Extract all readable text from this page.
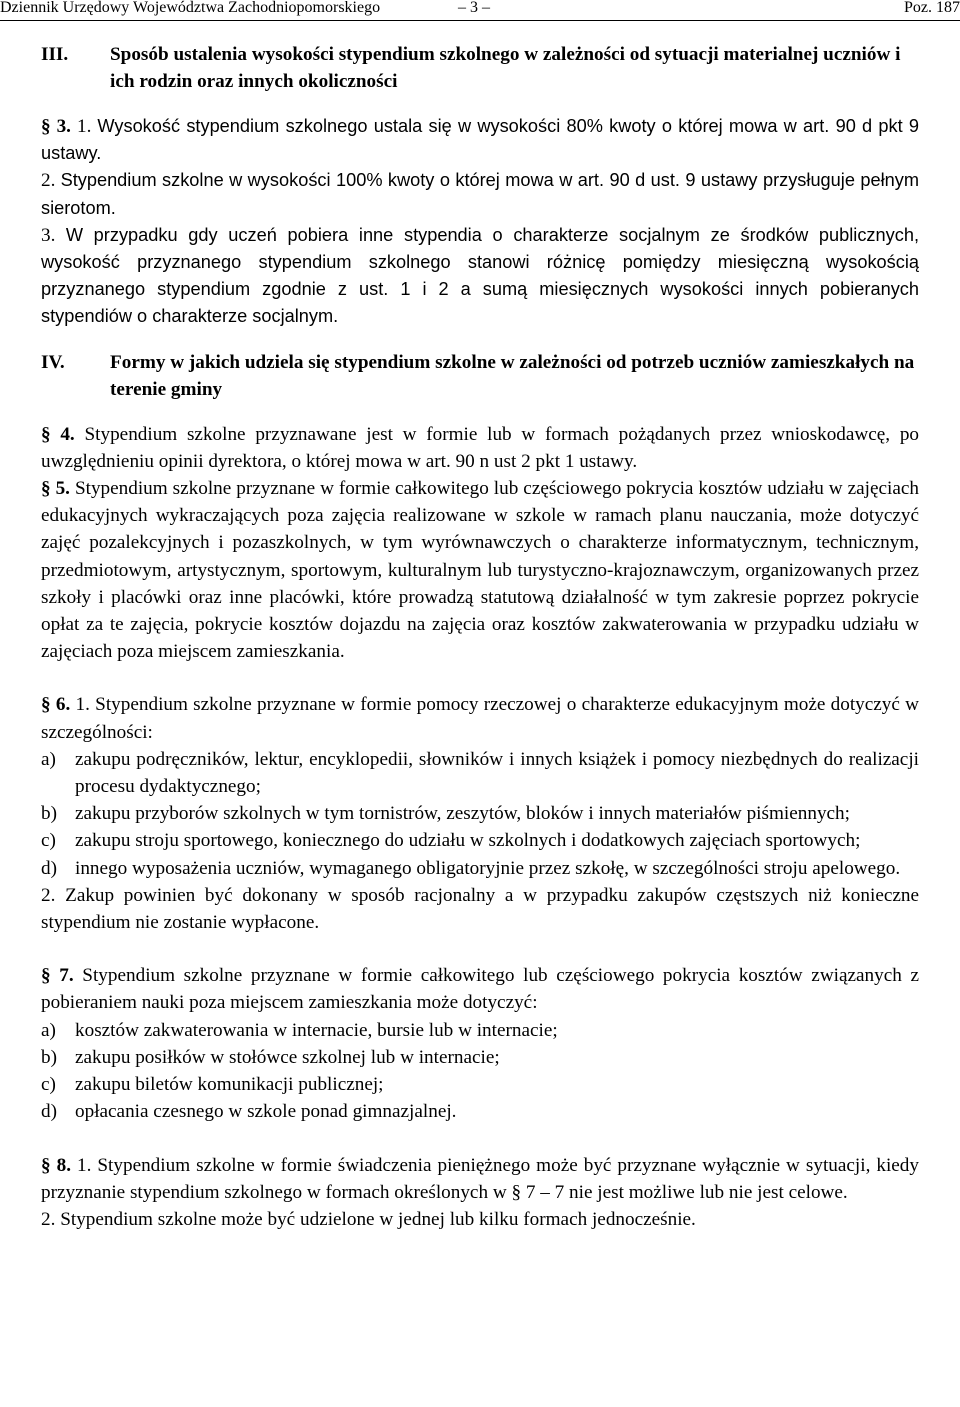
Dziennik Urzędowy Województwa Zachodniopomorskiego	– 3 –	Poz. 187
III.	Sposób ustalenia wysokości stypendium szkolnego w zależności od sytuacji materialnej uczniów i ich rodzin oraz innych okoliczności

§ 3. 1. Wysokość stypendium szkolnego ustala się w wysokości 80% kwoty o której mowa w art. 90 d pkt 9 ustawy.

2. Stypendium szkolne w wysokości 100% kwoty o której mowa w art. 90 d ust. 9 ustawy przysługuje pełnym sierotom.

3. W przypadku gdy uczeń pobiera inne stypendia o charakterze socjalnym ze środków publicznych, wysokość przyznanego stypendium szkolnego stanowi różnicę pomiędzy miesięczną wysokością przyznanego stypendium zgodnie z ust. 1 i 2 a sumą miesięcznych wysokości innych pobieranych stypendiów o charakterze socjalnym.

IV.	Formy w jakich udziela się stypendium szkolne w zależności od potrzeb uczniów zamieszkałych na terenie gminy

§ 4. Stypendium szkolne przyznawane jest w formie lub w formach pożądanych przez wnioskodawcę, po uwzględnieniu opinii dyrektora, o której mowa w art. 90 n ust 2 pkt 1 ustawy.

§ 5. Stypendium szkolne przyznane w formie całkowitego lub częściowego pokrycia kosztów udziału w zajęciach edukacyjnych wykraczających poza zajęcia realizowane w szkole w ramach planu nauczania, może dotyczyć zajęć pozalekcyjnych i pozaszkolnych, w tym wyrównawczych o charakterze informatycznym, technicznym, przedmiotowym, artystycznym, sportowym, kulturalnym lub turystyczno-krajoznawczym, organizowanych przez szkoły i placówki oraz inne placówki, które prowadzą statutową działalność w tym zakresie poprzez pokrycie opłat za te zajęcia, pokrycie kosztów dojazdu na zajęcia oraz kosztów zakwaterowania w przypadku udziału w zajęciach poza miejscem zamieszkania.

§ 6. 1. Stypendium szkolne przyznane w formie pomocy rzeczowej o charakterze edukacyjnym może dotyczyć w szczególności:

a) zakupu podręczników, lektur, encyklopedii, słowników i innych książek i pomocy niezbędnych do realizacji procesu dydaktycznego;
b) zakupu przyborów szkolnych w tym tornistrów, zeszytów, bloków i innych materiałów piśmiennych;
c) zakupu stroju sportowego, koniecznego do udziału w szkolnych i dodatkowych zajęciach sportowych;
d) innego wyposażenia uczniów, wymaganego obligatoryjnie przez szkołę, w szczególności stroju apelowego.

2. Zakup powinien być dokonany w sposób racjonalny a w przypadku zakupów częstszych niż konieczne stypendium nie zostanie wypłacone.

§ 7. Stypendium szkolne przyznane w formie całkowitego lub częściowego pokrycia kosztów związanych z pobieraniem nauki poza miejscem zamieszkania może dotyczyć:

a) kosztów zakwaterowania w internacie, bursie lub w internacie;
b) zakupu posiłków w stołówce szkolnej lub w internacie;
c) zakupu biletów komunikacji publicznej;
d) opłacania czesnego w szkole ponad gimnazjalnej.

§ 8. 1. Stypendium szkolne w formie świadczenia pieniężnego może być przyznane wyłącznie w sytuacji, kiedy przyznanie stypendium szkolnego w formach określonych w § 7 – 7 nie jest możliwe lub nie jest celowe.

2. Stypendium szkolne może być udzielone w jednej lub kilku formach jednocześnie.
